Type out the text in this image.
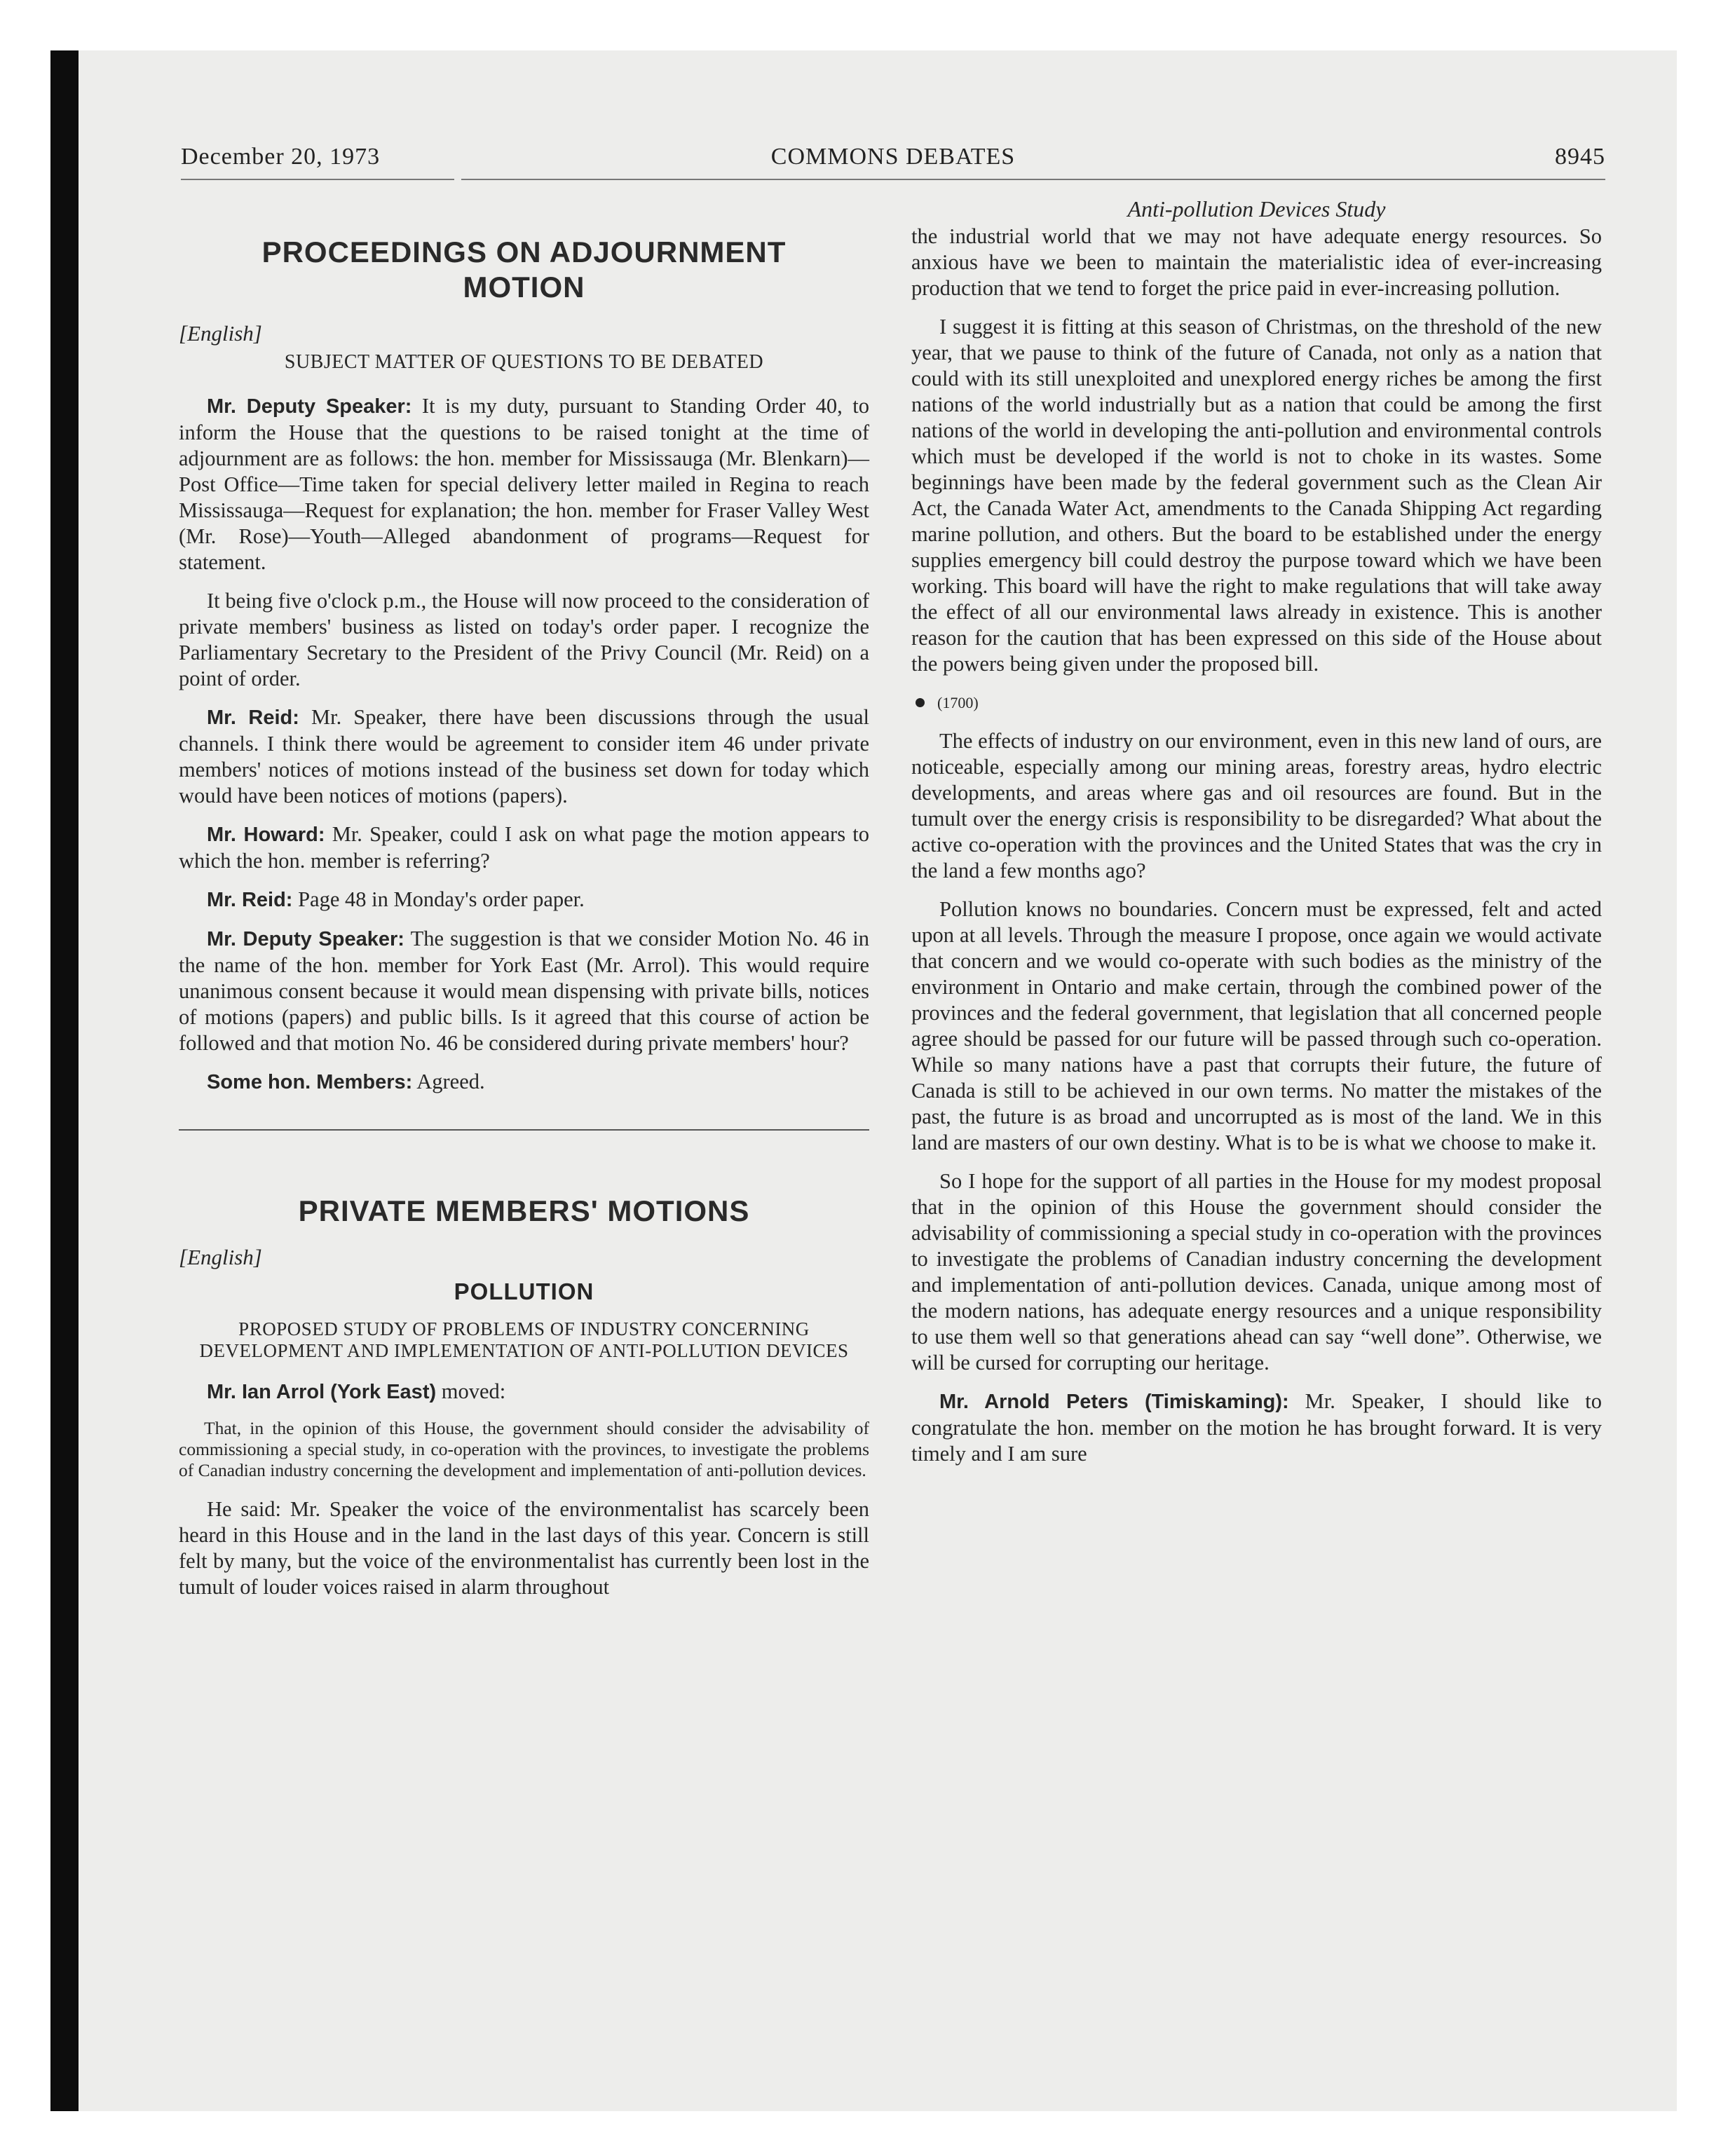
December 20, 1973	COMMONS DEBATES	8945

PROCEEDINGS ON ADJOURNMENT
MOTION

[English]

SUBJECT MATTER OF QUESTIONS TO BE DEBATED

Mr. Deputy Speaker: It is my duty, pursuant to Standing Order 40, to inform the House that the questions to be raised tonight at the time of adjournment are as follows: the hon. member for Mississauga (Mr. Blenkarn)—Post Office—Time taken for special delivery letter mailed in Regina to reach Mississauga—Request for explanation; the hon. member for Fraser Valley West (Mr. Rose)—Youth—Alleged abandonment of programs—Request for statement.

It being five o'clock p.m., the House will now proceed to the consideration of private members' business as listed on today's order paper. I recognize the Parliamentary Secretary to the President of the Privy Council (Mr. Reid) on a point of order.

Mr. Reid: Mr. Speaker, there have been discussions through the usual channels. I think there would be agreement to consider item 46 under private members' notices of motions instead of the business set down for today which would have been notices of motions (papers).

Mr. Howard: Mr. Speaker, could I ask on what page the motion appears to which the hon. member is referring?

Mr. Reid: Page 48 in Monday's order paper.

Mr. Deputy Speaker: The suggestion is that we consider Motion No. 46 in the name of the hon. member for York East (Mr. Arrol). This would require unanimous consent because it would mean dispensing with private bills, notices of motions (papers) and public bills. Is it agreed that this course of action be followed and that motion No. 46 be considered during private members' hour?

Some hon. Members: Agreed.

PRIVATE MEMBERS' MOTIONS

[English]

POLLUTION

PROPOSED STUDY OF PROBLEMS OF INDUSTRY CONCERNING DEVELOPMENT AND IMPLEMENTATION OF ANTI-POLLUTION DEVICES

Mr. Ian Arrol (York East) moved:

That, in the opinion of this House, the government should consider the advisability of commissioning a special study, in co-operation with the provinces, to investigate the problems of Canadian industry concerning the development and implementation of anti-pollution devices.

He said: Mr. Speaker the voice of the environmentalist has scarcely been heard in this House and in the land in the last days of this year. Concern is still felt by many, but the voice of the environmentalist has currently been lost in the tumult of louder voices raised in alarm throughout

Anti-pollution Devices Study

the industrial world that we may not have adequate energy resources. So anxious have we been to maintain the materialistic idea of ever-increasing production that we tend to forget the price paid in ever-increasing pollution.

I suggest it is fitting at this season of Christmas, on the threshold of the new year, that we pause to think of the future of Canada, not only as a nation that could with its still unexploited and unexplored energy riches be among the first nations of the world industrially but as a nation that could be among the first nations of the world in developing the anti-pollution and environmental controls which must be developed if the world is not to choke in its wastes. Some beginnings have been made by the federal government such as the Clean Air Act, the Canada Water Act, amendments to the Canada Shipping Act regarding marine pollution, and others. But the board to be established under the energy supplies emergency bill could destroy the purpose toward which we have been working. This board will have the right to make regulations that will take away the effect of all our environmental laws already in existence. This is another reason for the caution that has been expressed on this side of the House about the powers being given under the proposed bill.

(1700)

The effects of industry on our environment, even in this new land of ours, are noticeable, especially among our mining areas, forestry areas, hydro electric developments, and areas where gas and oil resources are found. But in the tumult over the energy crisis is responsibility to be disregarded? What about the active co-operation with the provinces and the United States that was the cry in the land a few months ago?

Pollution knows no boundaries. Concern must be expressed, felt and acted upon at all levels. Through the measure I propose, once again we would activate that concern and we would co-operate with such bodies as the ministry of the environment in Ontario and make certain, through the combined power of the provinces and the federal government, that legislation that all concerned people agree should be passed for our future will be passed through such co-operation. While so many nations have a past that corrupts their future, the future of Canada is still to be achieved in our own terms. No matter the mistakes of the past, the future is as broad and uncorrupted as is most of the land. We in this land are masters of our own destiny. What is to be is what we choose to make it.

So I hope for the support of all parties in the House for my modest proposal that in the opinion of this House the government should consider the advisability of commissioning a special study in co-operation with the provinces to investigate the problems of Canadian industry concerning the development and implementation of anti-pollution devices. Canada, unique among most of the modern nations, has adequate energy resources and a unique responsibility to use them well so that generations ahead can say “well done”. Otherwise, we will be cursed for corrupting our heritage.

Mr. Arnold Peters (Timiskaming): Mr. Speaker, I should like to congratulate the hon. member on the motion he has brought forward. It is very timely and I am sure
